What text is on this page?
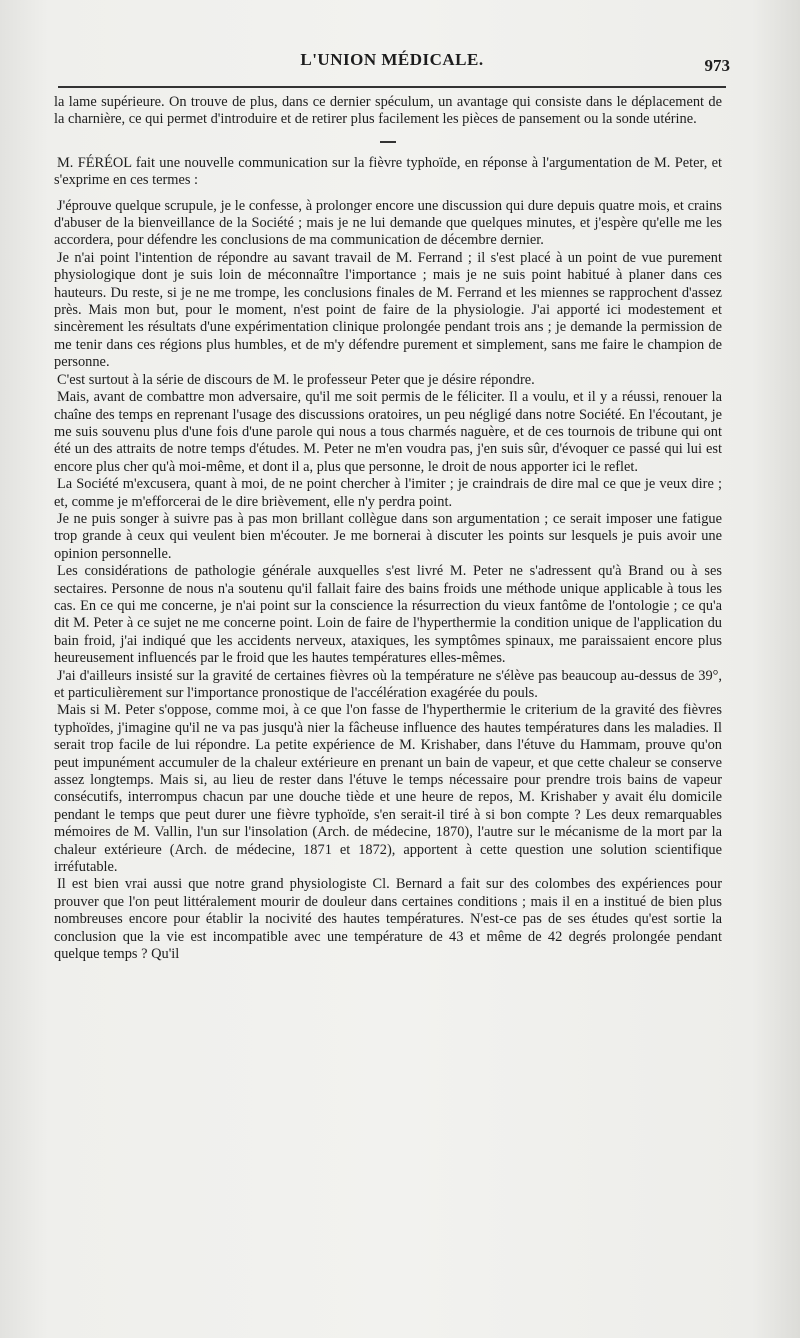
L'UNION MÉDICALE.	973

la lame supérieure. On trouve de plus, dans ce dernier spéculum, un avantage qui consiste dans le déplacement de la charnière, ce qui permet d'introduire et de retirer plus facilement les pièces de pansement ou la sonde utérine.

M. FÉRÉOL fait une nouvelle communication sur la fièvre typhoïde, en réponse à l'argumentation de M. Peter, et s'exprime en ces termes :

J'éprouve quelque scrupule, je le confesse, à prolonger encore une discussion qui dure depuis quatre mois, et crains d'abuser de la bienveillance de la Société ; mais je ne lui demande que quelques minutes, et j'espère qu'elle me les accordera, pour défendre les conclusions de ma communication de décembre dernier.

Je n'ai point l'intention de répondre au savant travail de M. Ferrand ; il s'est placé à un point de vue purement physiologique dont je suis loin de méconnaître l'importance ; mais je ne suis point habitué à planer dans ces hauteurs. Du reste, si je ne me trompe, les conclusions finales de M. Ferrand et les miennes se rapprochent d'assez près. Mais mon but, pour le moment, n'est point de faire de la physiologie. J'ai apporté ici modestement et sincèrement les résultats d'une expérimentation clinique prolongée pendant trois ans ; je demande la permission de me tenir dans ces régions plus humbles, et de m'y défendre purement et simplement, sans me faire le champion de personne.

C'est surtout à la série de discours de M. le professeur Peter que je désire répondre.

Mais, avant de combattre mon adversaire, qu'il me soit permis de le féliciter. Il a voulu, et il y a réussi, renouer la chaîne des temps en reprenant l'usage des discussions oratoires, un peu négligé dans notre Société. En l'écoutant, je me suis souvenu plus d'une fois d'une parole qui nous a tous charmés naguère, et de ces tournois de tribune qui ont été un des attraits de notre temps d'études. M. Peter ne m'en voudra pas, j'en suis sûr, d'évoquer ce passé qui lui est encore plus cher qu'à moi-même, et dont il a, plus que personne, le droit de nous apporter ici le reflet.

La Société m'excusera, quant à moi, de ne point chercher à l'imiter ; je craindrais de dire mal ce que je veux dire ; et, comme je m'efforcerai de le dire brièvement, elle n'y perdra point.

Je ne puis songer à suivre pas à pas mon brillant collègue dans son argumentation ; ce serait imposer une fatigue trop grande à ceux qui veulent bien m'écouter. Je me bornerai à discuter les points sur lesquels je puis avoir une opinion personnelle.

Les considérations de pathologie générale auxquelles s'est livré M. Peter ne s'adressent qu'à Brand ou à ses sectaires. Personne de nous n'a soutenu qu'il fallait faire des bains froids une méthode unique applicable à tous les cas. En ce qui me concerne, je n'ai point sur la conscience la résurrection du vieux fantôme de l'ontologie ; ce qu'a dit M. Peter à ce sujet ne me concerne point. Loin de faire de l'hyperthermie la condition unique de l'application du bain froid, j'ai indiqué que les accidents nerveux, ataxiques, les symptômes spinaux, me paraissaient encore plus heureusement influencés par le froid que les hautes températures elles-mêmes.

J'ai d'ailleurs insisté sur la gravité de certaines fièvres où la température ne s'élève pas beaucoup au-dessus de 39°, et particulièrement sur l'importance pronostique de l'accélération exagérée du pouls.

Mais si M. Peter s'oppose, comme moi, à ce que l'on fasse de l'hyperthermie le criterium de la gravité des fièvres typhoïdes, j'imagine qu'il ne va pas jusqu'à nier la fâcheuse influence des hautes températures dans les maladies. Il serait trop facile de lui répondre. La petite expérience de M. Krishaber, dans l'étuve du Hammam, prouve qu'on peut impunément accumuler de la chaleur extérieure en prenant un bain de vapeur, et que cette chaleur se conserve assez longtemps. Mais si, au lieu de rester dans l'étuve le temps nécessaire pour prendre trois bains de vapeur consécutifs, interrompus chacun par une douche tiède et une heure de repos, M. Krishaber y avait élu domicile pendant le temps que peut durer une fièvre typhoïde, s'en serait-il tiré à si bon compte ? Les deux remarquables mémoires de M. Vallin, l'un sur l'insolation (Arch. de médecine, 1870), l'autre sur le mécanisme de la mort par la chaleur extérieure (Arch. de médecine, 1871 et 1872), apportent à cette question une solution scientifique irréfutable.

Il est bien vrai aussi que notre grand physiologiste Cl. Bernard a fait sur des colombes des expériences pour prouver que l'on peut littéralement mourir de douleur dans certaines conditions ; mais il en a institué de bien plus nombreuses encore pour établir la nocivité des hautes températures. N'est-ce pas de ses études qu'est sortie la conclusion que la vie est incompatible avec une température de 43 et même de 42 degrés prolongée pendant quelque temps ? Qu'il
